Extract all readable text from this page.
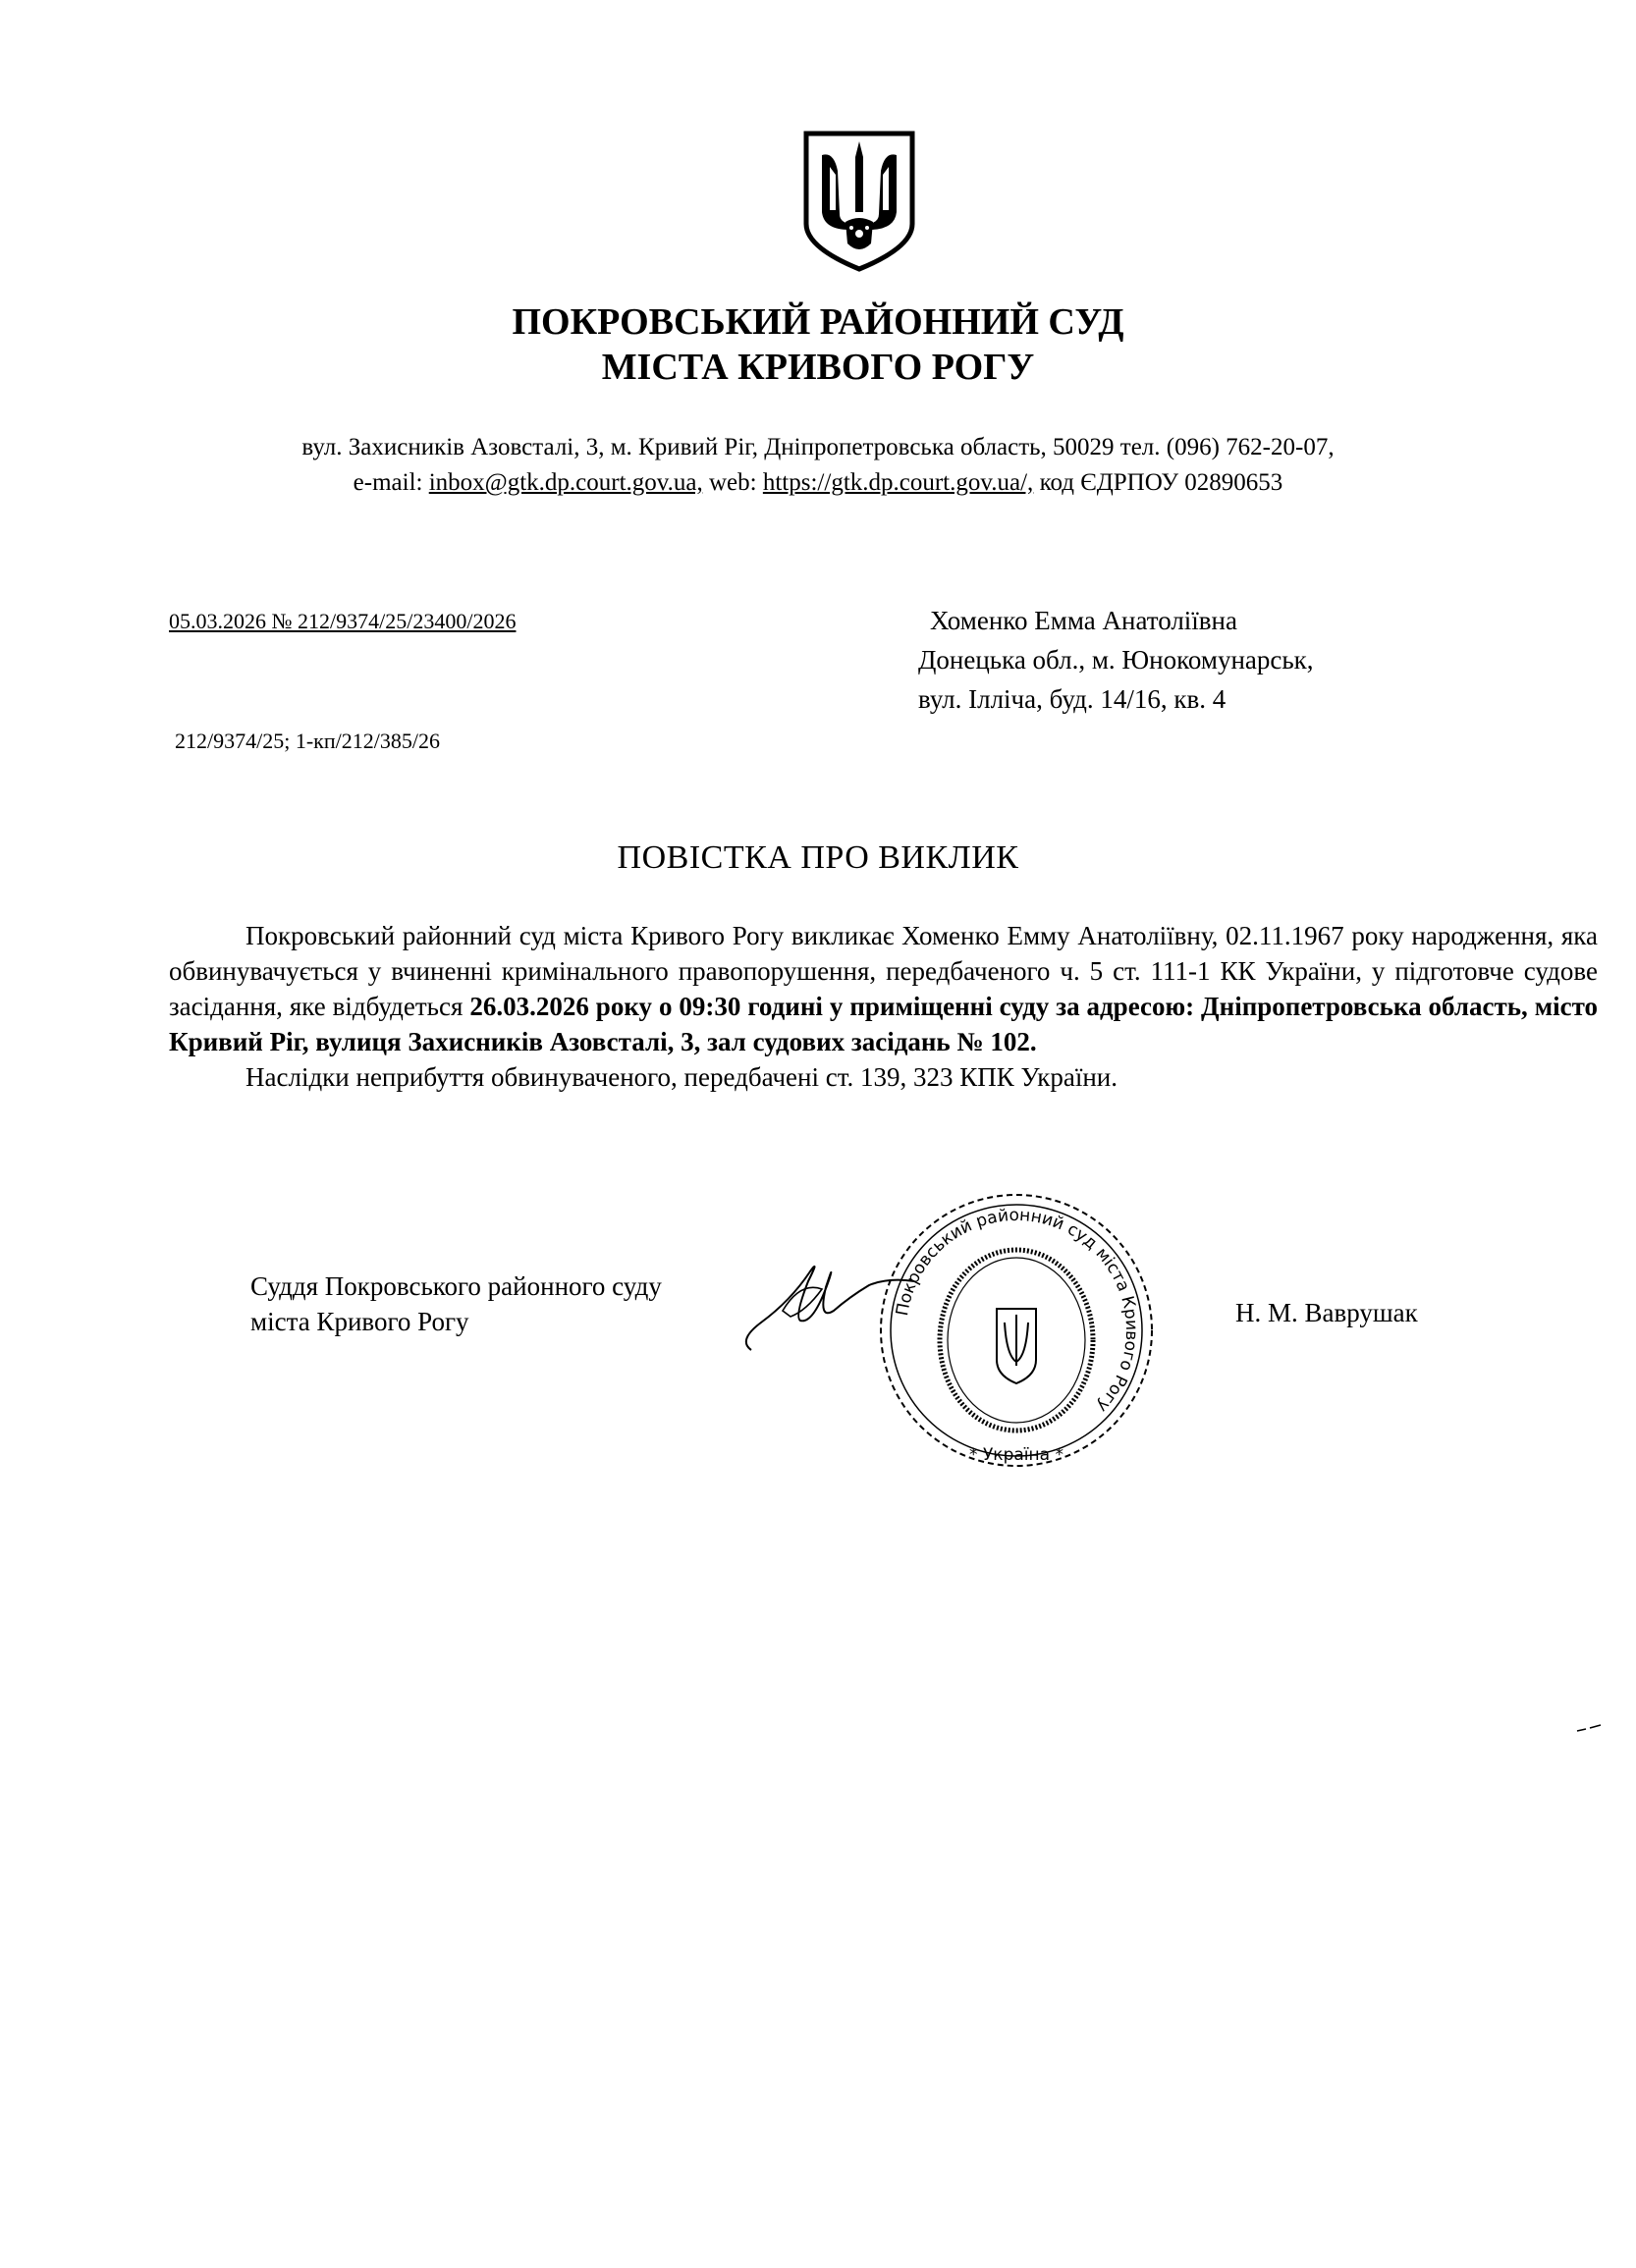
ПОКРОВСЬКИЙ РАЙОННИЙ СУД
МІСТА КРИВОГО РОГУ
вул. Захисників Азовсталі, 3, м. Кривий Ріг, Дніпропетровська область, 50029 тел. (096) 762-20-07,
e-mail: inbox@gtk.dp.court.gov.ua, web: https://gtk.dp.court.gov.ua/, код ЄДРПОУ 02890653
05.03.2026 № 212/9374/25/23400/2026
212/9374/25; 1-кп/212/385/26
Хоменко Емма Анатоліївна
Донецька обл., м. Юнокомунарськ,
вул. Ілліча, буд. 14/16, кв. 4
ПОВІСТКА ПРО ВИКЛИК

Покровський районний суд міста Кривого Рогу викликає Хоменко Емму Анатоліївну, 02.11.1967 року народження, яка обвинувачується у вчиненні кримінального правопорушення, передбаченого ч. 5 ст. 111-1 КК України, у підготовче судове засідання, яке відбудеться 26.03.2026 року о 09:30 годині у приміщенні суду за адресою: Дніпропетровська область, місто Кривий Ріг, вулиця Захисників Азовсталі, 3, зал судових засідань № 102.

Наслідки неприбуття обвинуваченого, передбачені ст. 139, 323 КПК України.

Суддя Покровського районного суду
міста Кривого Рогу	Покровський районний суд міста Кривого Рогу
* Україна *
Н. М. Ваврушак
